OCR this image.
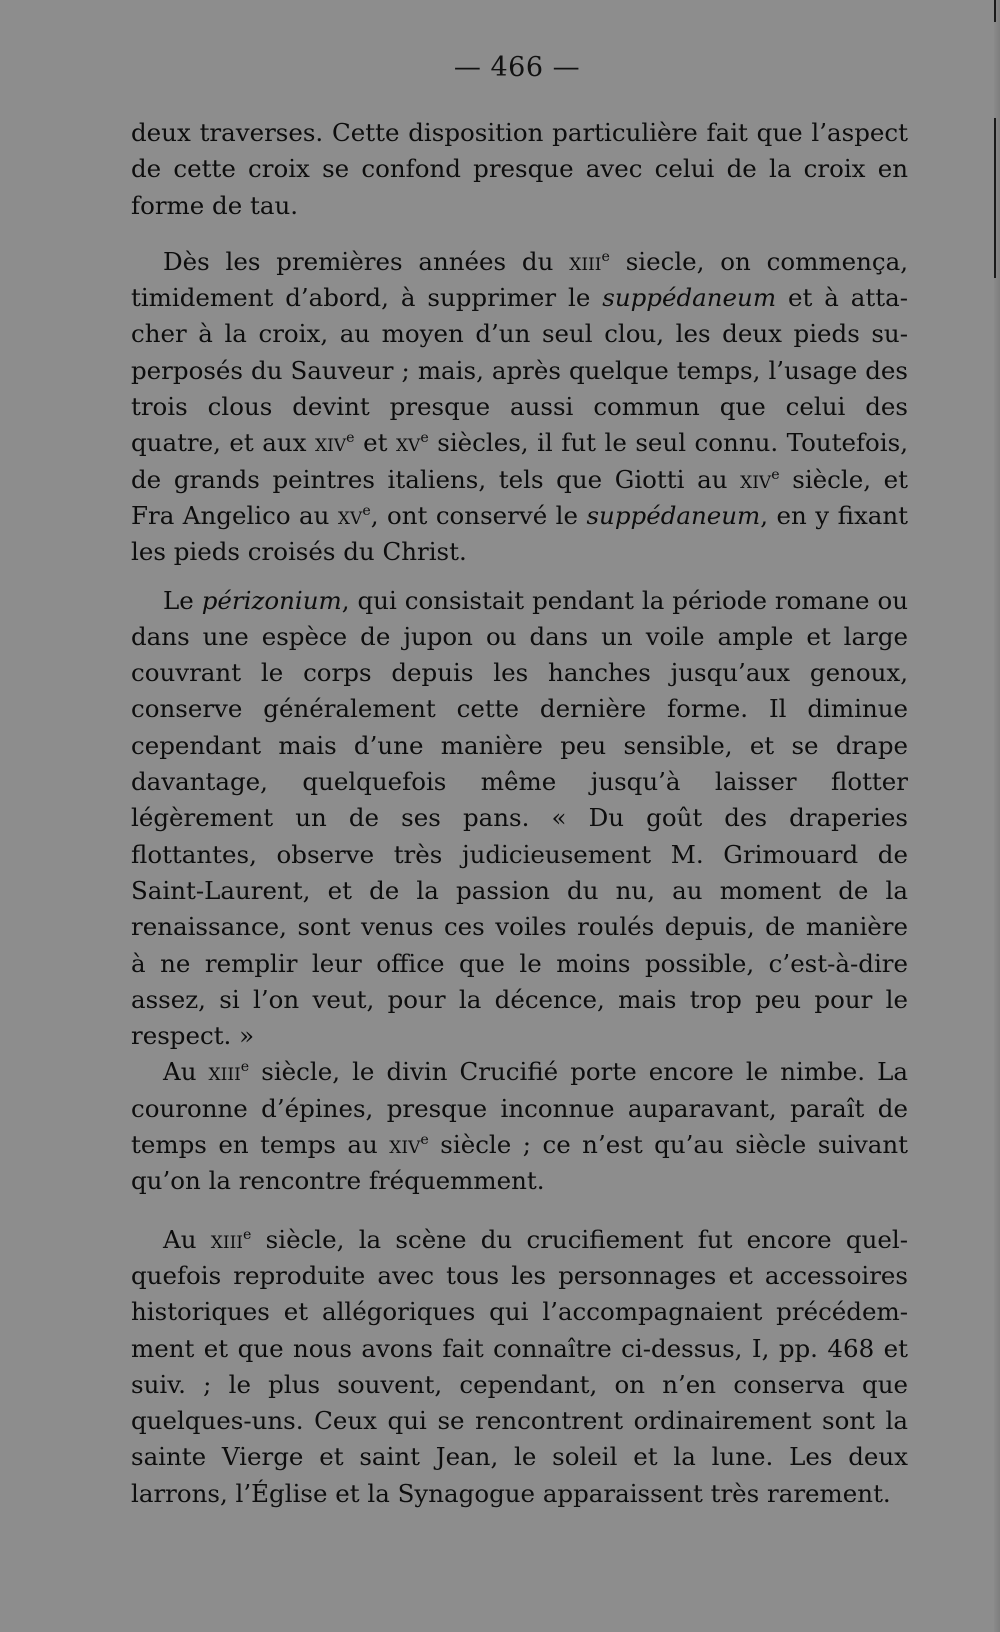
— 466 —

deux traverses. Cette disposition particulière fait que l’aspect de cette croix se confond presque avec celui de la croix en forme de tau.

Dès les premières années du xiii$^e$ siecle, on commença, timidement d’abord, à supprimer le suppédaneum et à attacher à la croix, au moyen d’un seul clou, les deux pieds superposés du Sauveur ; mais, après quelque temps, l’usage des trois clous devint presque aussi commun que celui des quatre, et aux xiv$^e$ et $xv^e$ siècles, il fut le seul connu. Toutefois, de grands peintres italiens, tels que Giotti au xiv$^e$ siècle, et Fra Angelico au $xv^e$, ont conservé le suppédaneum, en y fixant les pieds croisés du Christ.

Le périzonium, qui consistait pendant la période romane ou dans une espèce de jupon ou dans un voile ample et large couvrant le corps depuis les hanches jusqu’aux genoux, conserve généralement cette dernière forme. Il diminue cependant mais d’une manière peu sensible, et se drape davantage, quelquefois même jusqu’à laisser flotter légèrement un de ses pans. « Du goût des draperies flottantes, observe très judicieusement M. Grimouard de Saint-Laurent, et de la passion du nu, au moment de la renaissance, sont venus ces voiles roulés depuis, de manière à ne remplir leur office que le moins possible, c’est-à-dire assez, si l’on veut, pour la décence, mais trop peu pour le respect. »

Au xiii$^e$ siècle, le divin Crucifié porte encore le nimbe. La couronne d’épines, presque inconnue auparavant, paraît de temps en temps au xiv$^e$ siècle ; ce n’est qu’au siècle suivant qu’on la rencontre fréquemment.

Au xiii$^e$ siècle, la scène du crucifiement fut encore quelquefois reproduite avec tous les personnages et accessoires historiques et allégoriques qui l’accompagnaient précédemment et que nous avons fait connaître ci-dessus, I, pp. 468 et suiv. ; le plus souvent, cependant, on n’en conserva que quelques-uns. Ceux qui se rencontrent ordinairement sont la sainte Vierge et saint Jean, le soleil et la lune. Les deux larrons, l’Église et la Synagogue apparaissent très rarement.
